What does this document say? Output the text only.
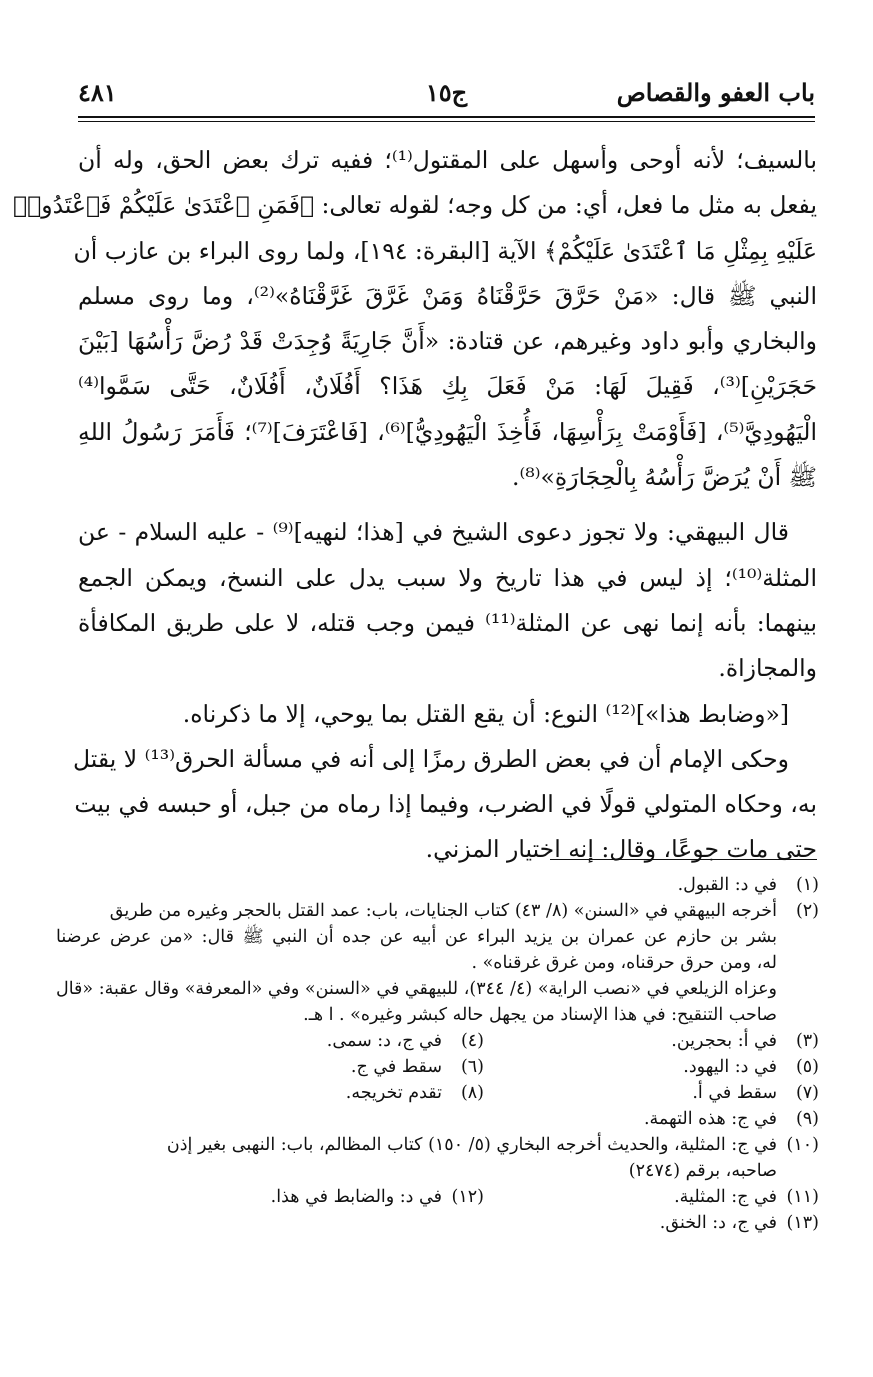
باب العفو والقصاص
ج١٥
٤٨١
بالسيف؛ لأنه أوحى وأسهل على المقتول⁽¹⁾؛ ففيه ترك بعض الحق، وله أن
يفعل به مثل ما فعل، أي: من كل وجه؛ لقوله تعالى: ﴿فَمَنِ ٱعْتَدَىٰ عَلَيْكُمْ فَٱعْتَدُوا۟
عَلَيْهِ بِمِثْلِ مَا ٱعْتَدَىٰ عَلَيْكُمْ﴾ الآية [البقرة: ١٩٤]، ولما روى البراء بن عازب أن
النبي ﷺ قال: «مَنْ حَرَّقَ حَرَّقْنَاهُ وَمَنْ غَرَّقَ غَرَّقْنَاهُ»⁽²⁾، وما روى مسلم
والبخاري وأبو داود وغيرهم، عن قتادة: «أَنَّ جَارِيَةً وُجِدَتْ قَدْ رُضَّ رَأْسُهَا [بَيْنَ
حَجَرَيْنِ]⁽³⁾، فَقِيلَ لَهَا: مَنْ فَعَلَ بِكِ هَذَا؟ أَفُلَانٌ، أَفُلَانٌ، حَتَّى سَمَّوا⁽⁴⁾
الْيَهُودِيَّ⁽⁵⁾، [فَأَوْمَتْ بِرَأْسِهَا، فَأُخِذَ الْيَهُودِيُّ]⁽⁶⁾، [فَاعْتَرَفَ]⁽⁷⁾؛ فَأَمَرَ رَسُولُ اللهِ
ﷺ أَنْ يُرَضَّ رَأْسُهُ بِالْحِجَارَةِ»⁽⁸⁾.
قال البيهقي: ولا تجوز دعوى الشيخ في [هذا؛ لنهيه]⁽⁹⁾ - عليه السلام - عن
المثلة⁽¹⁰⁾؛ إذ ليس في هذا تاريخ ولا سبب يدل على النسخ، ويمكن الجمع
بينهما: بأنه إنما نهى عن المثلة⁽¹¹⁾ فيمن وجب قتله، لا على طريق المكافأة
والمجازاة.
[«وضابط هذا»]⁽¹²⁾ النوع: أن يقع القتل بما يوحي، إلا ما ذكرناه.
وحكى الإمام أن في بعض الطرق رمزًا إلى أنه في مسألة الحرق⁽¹³⁾ لا يقتل
به، وحكاه المتولي قولًا في الضرب، وفيما إذا رماه من جبل، أو حبسه في بيت
حتى مات جوعًا، وقال: إنه اختيار المزني.
(١)في د: القبول.
(٢)أخرجه البيهقي في «السنن» (٨/ ٤٣) كتاب الجنايات، باب: عمد القتل بالحجر وغيره من طريق
بشر بن حازم عن عمران بن يزيد البراء عن أبيه عن جده أن النبي ﷺ قال: «من عرض عرضنا
له، ومن حرق حرقناه، ومن غرق غرقناه» .
وعزاه الزيلعي في «نصب الراية» (٤/ ٣٤٤)، للبيهقي في «السنن» وفي «المعرفة» وقال عقبة: «قال
صاحب التنقيح: في هذا الإسناد من يجهل حاله كبشر وغيره» . ا هـ.
(٣)في أ: بحجرين.
(٤)في ج، د: سمى.
(٥)في د: اليهود.
(٦)سقط في ج.
(٧)سقط في أ.
(٨)تقدم تخريجه.
(٩)في ج: هذه التهمة.
(١٠)في ج: المثلية، والحديث أخرجه البخاري (٥/ ١٥٠) كتاب المظالم، باب: النهبى بغير إذن
صاحبه، برقم (٢٤٧٤)
(١١)في ج: المثلية.
(١٢)في د: والضابط في هذا.
(١٣)في ج، د: الخنق.
